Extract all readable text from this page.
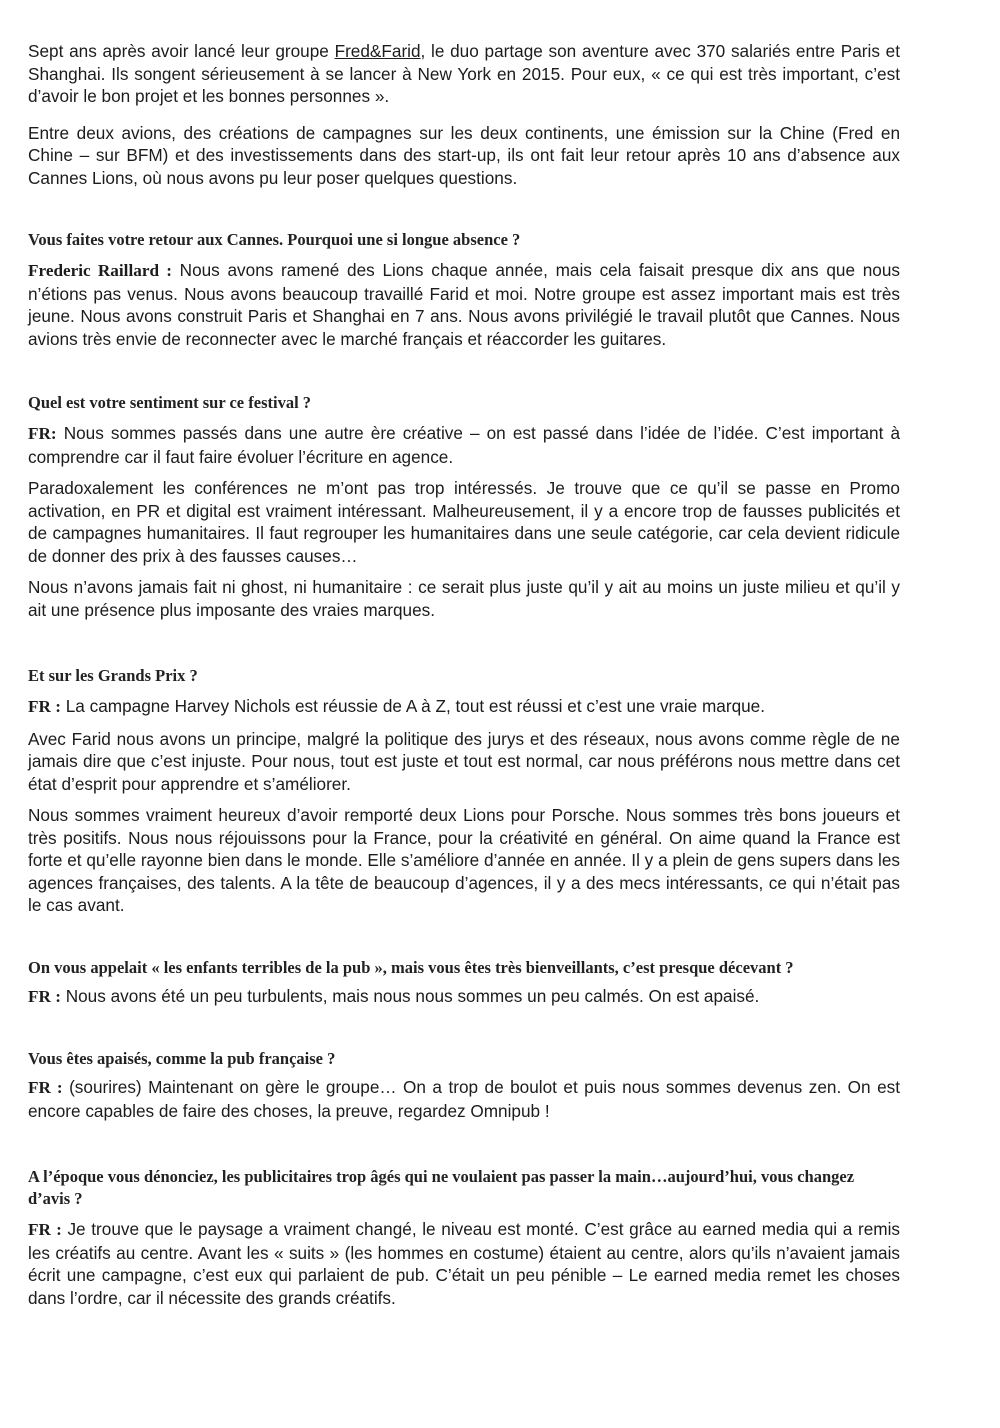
Sept ans après avoir lancé leur groupe Fred&Farid, le duo partage son aventure avec 370 salariés entre Paris et Shanghai. Ils songent sérieusement à se lancer à New York en 2015. Pour eux, « ce qui est très important, c’est d’avoir le bon projet et les bonnes personnes ».

Entre deux avions, des créations de campagnes sur les deux continents, une émission sur la Chine (Fred en Chine – sur BFM) et des investissements dans des start-up, ils ont fait leur retour après 10 ans d’absence aux Cannes Lions, où nous avons pu leur poser quelques questions.

Vous faites votre retour aux Cannes. Pourquoi une si longue absence ?

Frederic Raillard : Nous avons ramené des Lions chaque année, mais cela faisait presque dix ans que nous n’étions pas venus. Nous avons beaucoup travaillé Farid et moi. Notre groupe est assez important mais est très jeune. Nous avons construit Paris et Shanghai en 7 ans. Nous avons privilégié le travail plutôt que Cannes. Nous avions très envie de reconnecter avec le marché français et réaccorder les guitares.

Quel est votre sentiment sur ce festival ?

FR: Nous sommes passés dans une autre ère créative – on est passé dans l’idée de l’idée. C’est important à comprendre car il faut faire évoluer l’écriture en agence.

Paradoxalement les conférences ne m’ont pas trop intéressés. Je trouve que ce qu’il se passe en Promo activation, en PR et digital est vraiment intéressant. Malheureusement, il y a encore trop de fausses publicités et de campagnes humanitaires. Il faut regrouper les humanitaires dans une seule catégorie, car cela devient ridicule de donner des prix à des fausses causes…

Nous n’avons jamais fait ni ghost, ni humanitaire : ce serait plus juste qu’il y ait au moins un juste milieu et qu’il y ait une présence plus imposante des vraies marques.

Et sur les Grands Prix ?

FR : La campagne Harvey Nichols est réussie de A à Z, tout est réussi et c’est une vraie marque.

Avec Farid nous avons un principe, malgré la politique des jurys et des réseaux, nous avons comme règle de ne jamais dire que c’est injuste. Pour nous, tout est juste et tout est normal, car nous préférons nous mettre dans cet état d’esprit pour apprendre et s’améliorer.

Nous sommes vraiment heureux d’avoir remporté deux Lions pour Porsche. Nous sommes très bons joueurs et très positifs. Nous nous réjouissons pour la France, pour la créativité en général. On aime quand la France est forte et qu’elle rayonne bien dans le monde. Elle s’améliore d’année en année. Il y a plein de gens supers dans les agences françaises, des talents. A la tête de beaucoup d’agences, il y a des mecs intéressants, ce qui n’était pas le cas avant.

On vous appelait « les enfants terribles de la pub », mais vous êtes très bienveillants, c’est presque décevant ?

FR : Nous avons été un peu turbulents, mais nous nous sommes un peu calmés. On est apaisé.

Vous êtes apaisés, comme la pub française ?

FR : (sourires) Maintenant on gère le groupe… On a trop de boulot et puis nous sommes devenus zen. On est encore capables de faire des choses, la preuve, regardez Omnipub !

A l’époque vous dénonciez, les publicitaires trop âgés qui ne voulaient pas passer la main…aujourd’hui, vous changez d’avis ?

FR : Je trouve que le paysage a vraiment changé, le niveau est monté. C’est grâce au earned media qui a remis les créatifs au centre. Avant les « suits » (les hommes en costume) étaient au centre, alors qu’ils n’avaient jamais écrit une campagne, c’est eux qui parlaient de pub. C’était un peu pénible – Le earned media remet les choses dans l’ordre, car il nécessite des grands créatifs.
